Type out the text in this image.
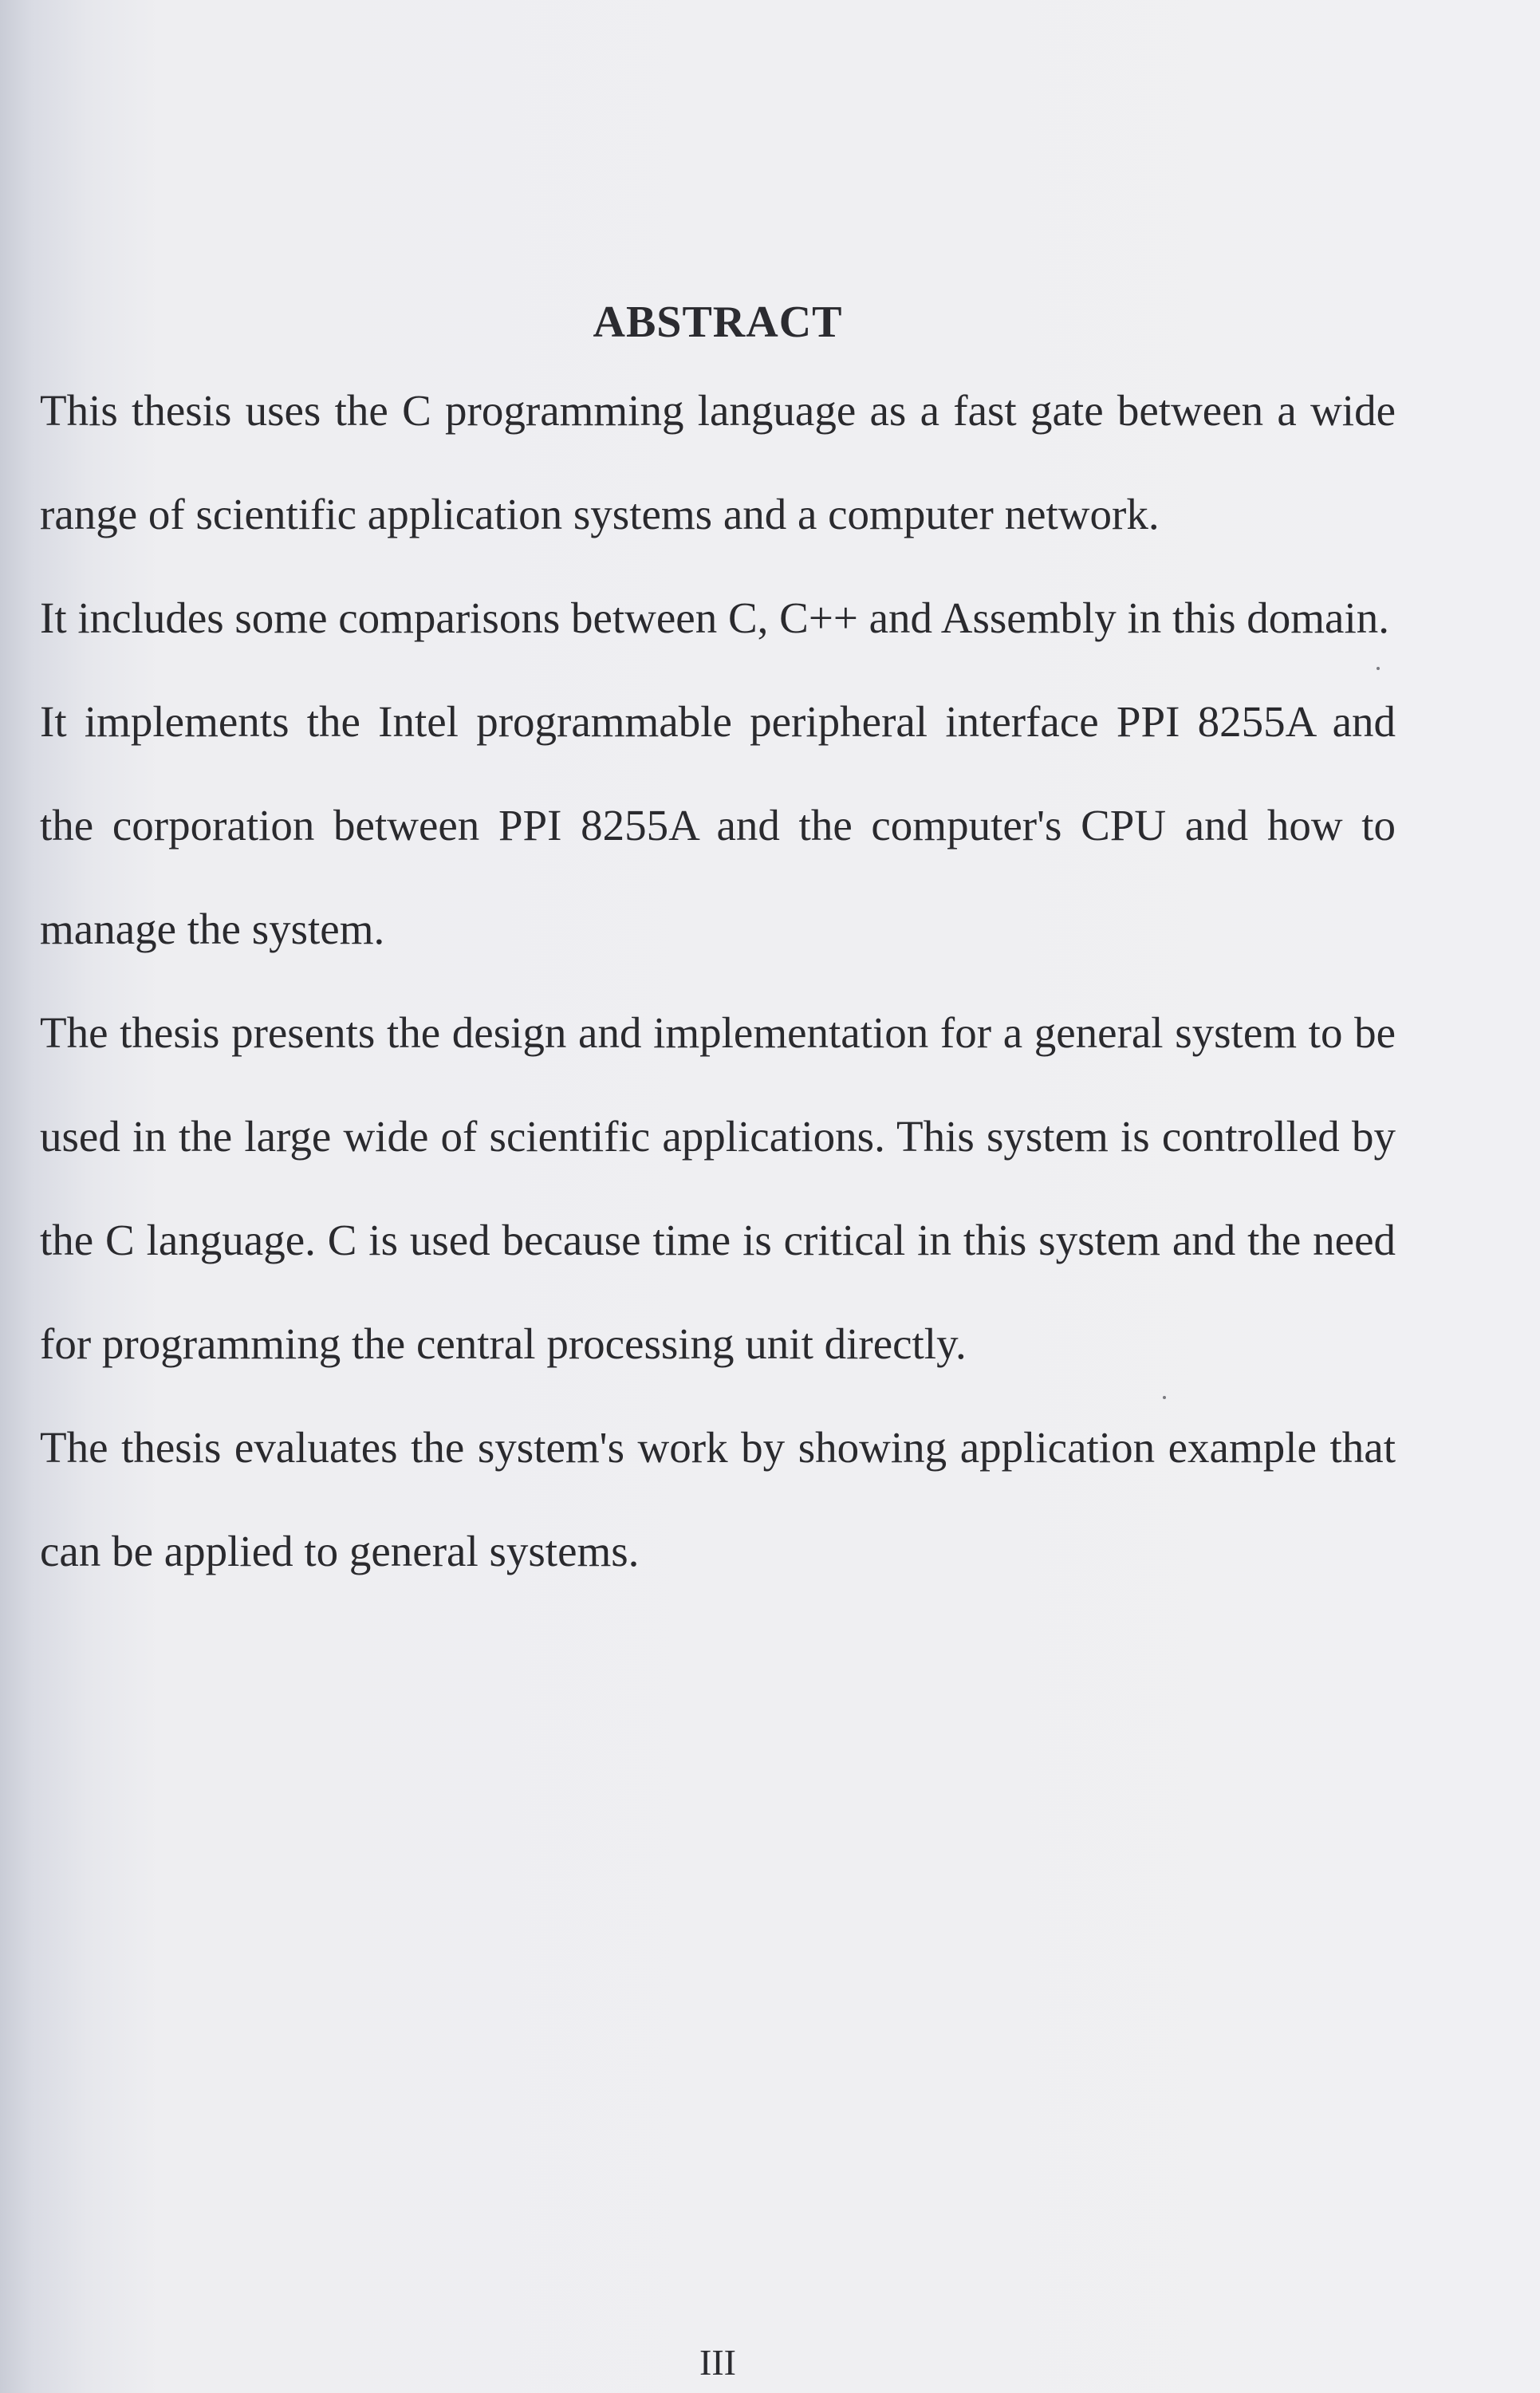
ABSTRACT

This thesis uses the C programming language as a fast gate between a wide range of scientific application systems and a computer network.

It includes some comparisons between C, C++ and Assembly in this domain.

It implements the Intel programmable peripheral interface PPI 8255A and the corporation between PPI 8255A and the computer's CPU and how to manage the system.

The thesis presents the design and implementation for a general system to be used in the large wide of scientific applications. This system is controlled by the C language. C is used because time is critical in this system and the need for programming the central processing unit directly.

The thesis evaluates the system's work by showing application example that can be applied to general systems.

III
